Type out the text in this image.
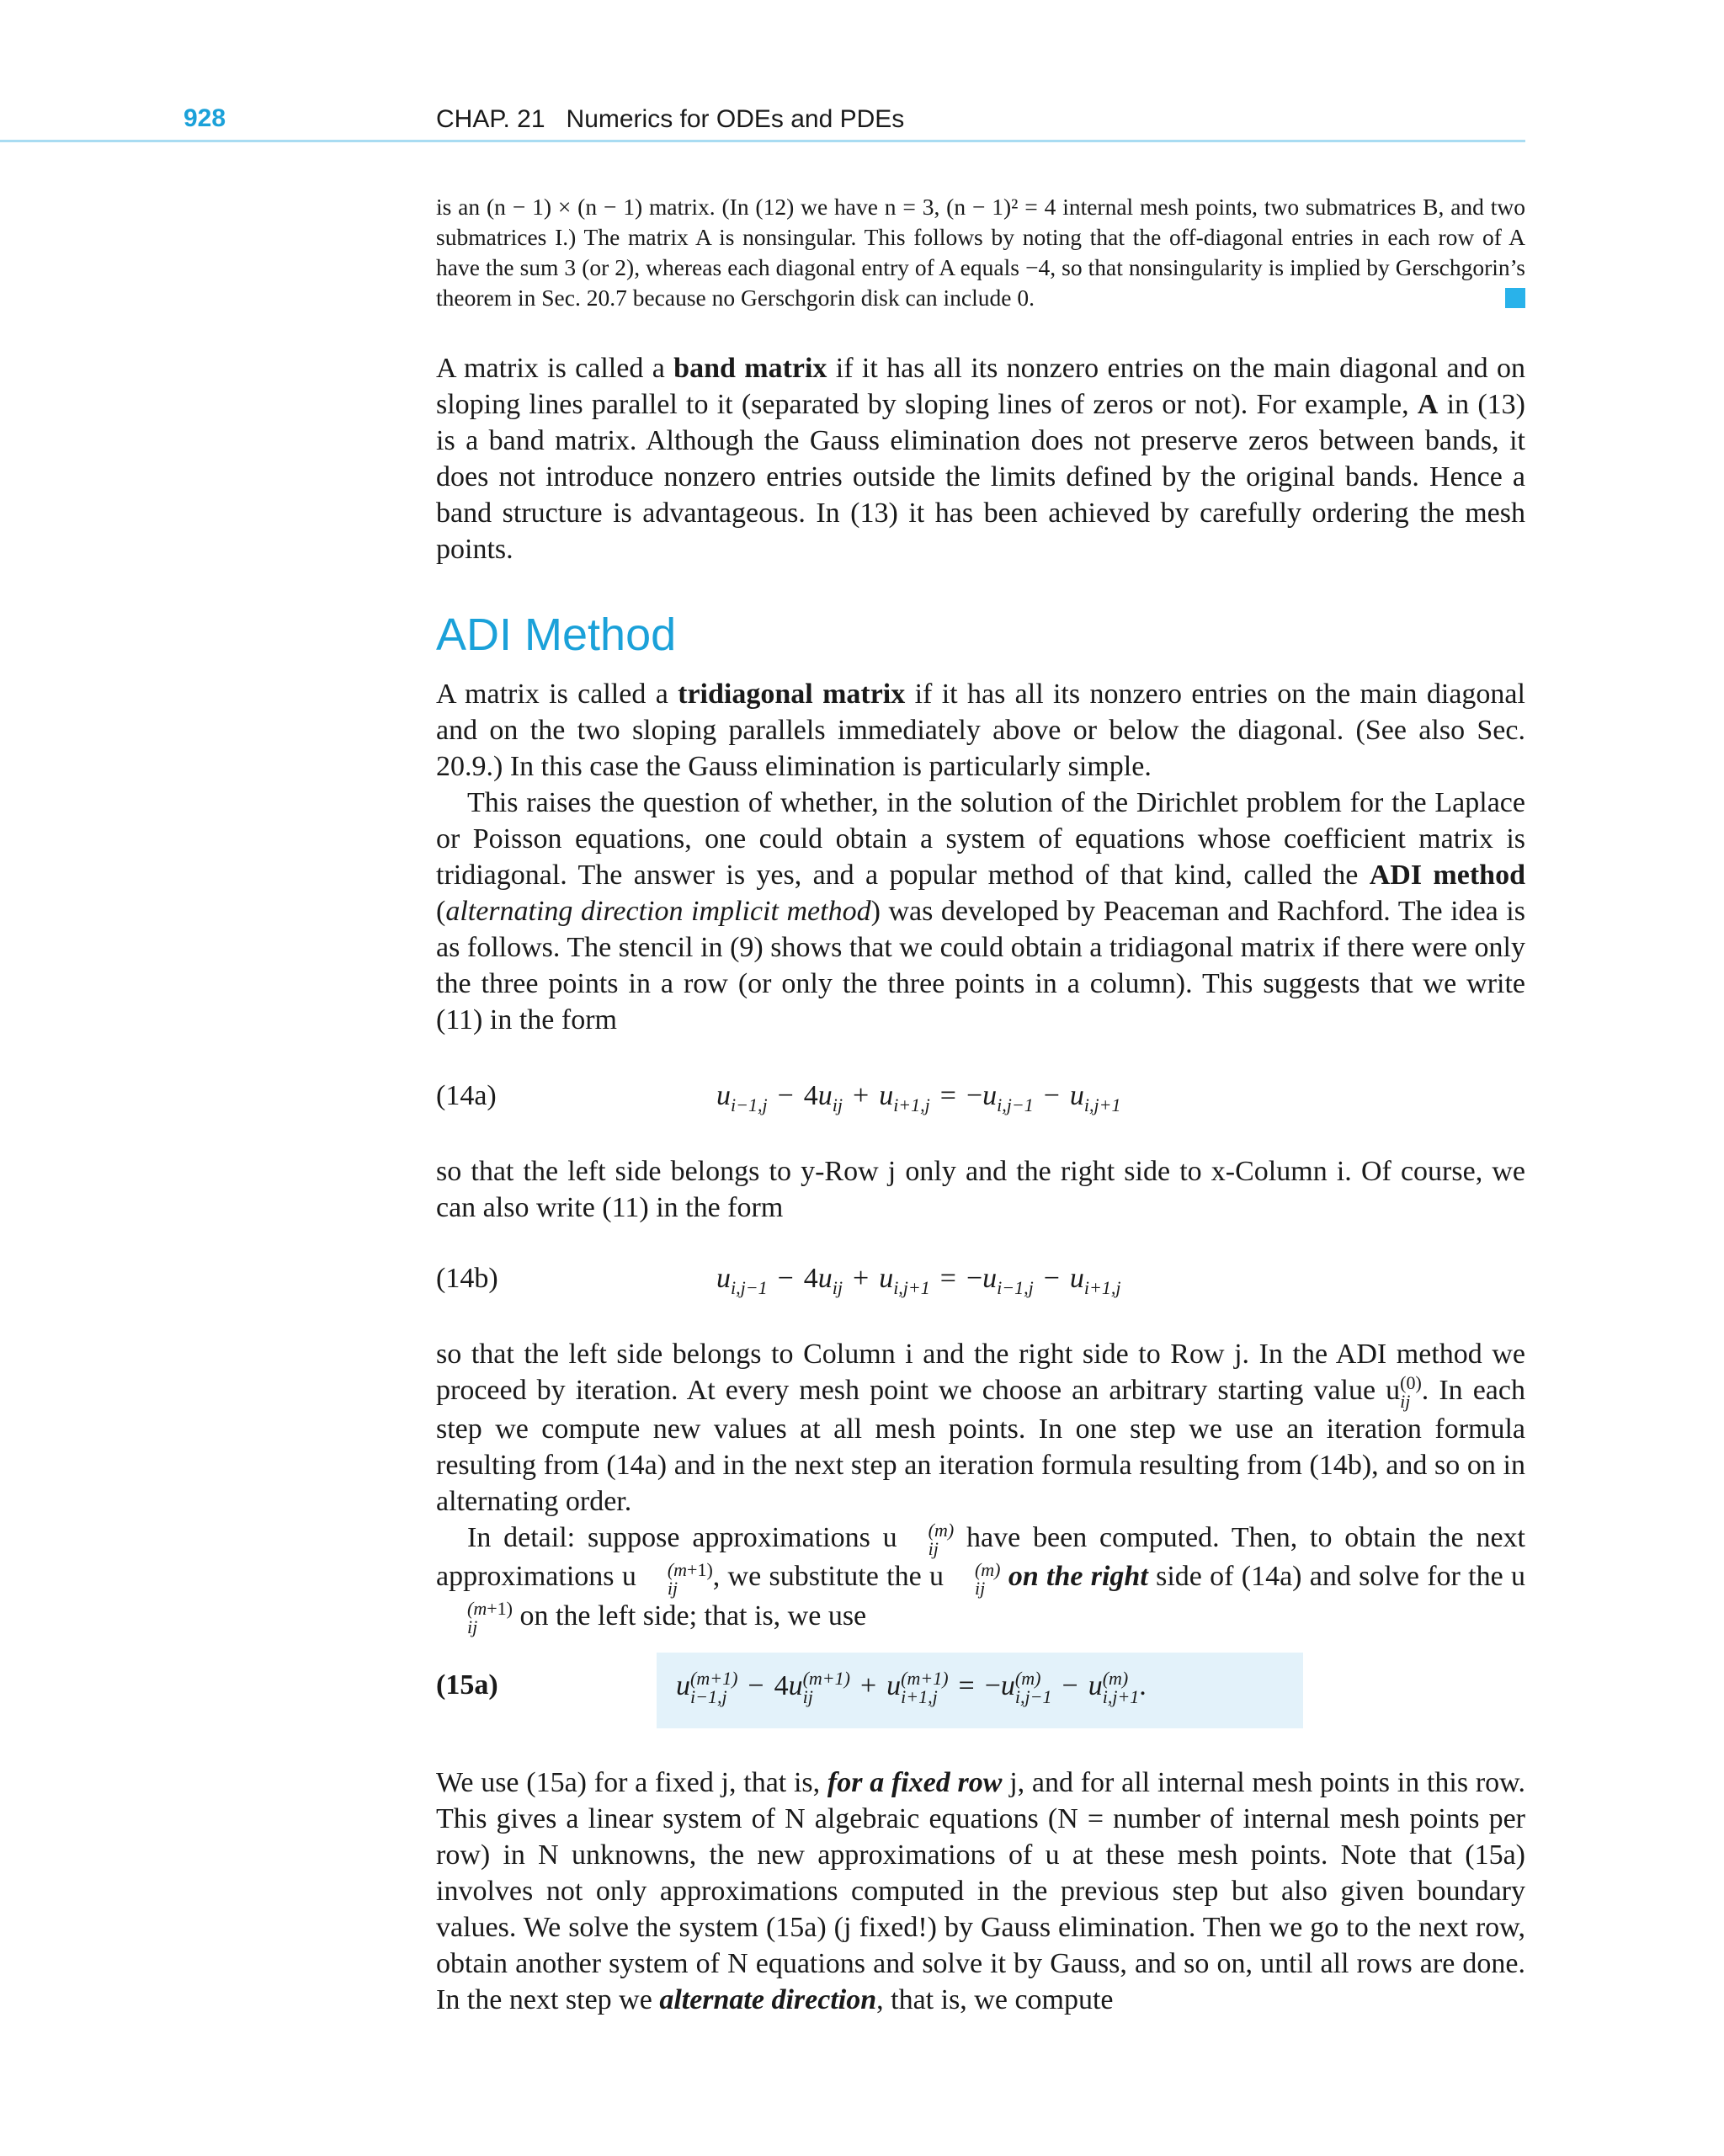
928	CHAP. 21   Numerics for ODEs and PDEs
is an (n − 1) × (n − 1) matrix. (In (12) we have n = 3, (n − 1)² = 4 internal mesh points, two submatrices B, and two submatrices I.) The matrix A is nonsingular. This follows by noting that the off-diagonal entries in each row of A have the sum 3 (or 2), whereas each diagonal entry of A equals −4, so that nonsingularity is implied by Gerschgorin’s theorem in Sec. 20.7 because no Gerschgorin disk can include 0.

A matrix is called a band matrix if it has all its nonzero entries on the main diagonal and on sloping lines parallel to it (separated by sloping lines of zeros or not). For example, A in (13) is a band matrix. Although the Gauss elimination does not preserve zeros between bands, it does not introduce nonzero entries outside the limits defined by the original bands. Hence a band structure is advantageous. In (13) it has been achieved by carefully ordering the mesh points.

ADI Method

A matrix is called a tridiagonal matrix if it has all its nonzero entries on the main diagonal and on the two sloping parallels immediately above or below the diagonal. (See also Sec. 20.9.) In this case the Gauss elimination is particularly simple.

This raises the question of whether, in the solution of the Dirichlet problem for the Laplace or Poisson equations, one could obtain a system of equations whose coefficient matrix is tridiagonal. The answer is yes, and a popular method of that kind, called the ADI method (alternating direction implicit method) was developed by Peaceman and Rachford. The idea is as follows. The stencil in (9) shows that we could obtain a tridiagonal matrix if there were only the three points in a row (or only the three points in a column). This suggests that we write (11) in the form

(14a)	$u_{i-1,j} - 4u_{ij} + u_{i+1,j} = -u_{i,j-1} - u_{i,j+1}$

so that the left side belongs to y-Row j only and the right side to x-Column i. Of course, we can also write (11) in the form

(14b)	$u_{i,j-1} - 4u_{ij} + u_{i,j+1} = -u_{i-1,j} - u_{i+1,j}$

so that the left side belongs to Column i and the right side to Row j. In the ADI method we proceed by iteration. At every mesh point we choose an arbitrary starting value u (0)
ij . In each step we compute new values at all mesh points. In one step we use an iteration formula resulting from (14a) and in the next step an iteration formula resulting from (14b), and so on in alternating order.

In detail: suppose approximations u	(m)
ij have been computed. Then, to obtain the next approximations u	(m+1)
ij	, we substitute the u	(m)
ij on the right side of (14a) and solve for the u
(m+1)
ij	on the left side; that is, we use

(15a)	u (m+1)
i−1,j − 4u (m+1)
ij	+ u (m+1)
i+1,j = −u (m)
i,j−1 − u (m)
i,j+1 .

We use (15a) for a fixed j, that is, for a fixed row j, and for all internal mesh points in this row. This gives a linear system of N algebraic equations (N = number of internal mesh points per row) in N unknowns, the new approximations of u at these mesh points. Note that (15a) involves not only approximations computed in the previous step but also given boundary values. We solve the system (15a) (j fixed!) by Gauss elimination. Then we go to the next row, obtain another system of N equations and solve it by Gauss, and so on, until all rows are done. In the next step we alternate direction, that is, we compute
